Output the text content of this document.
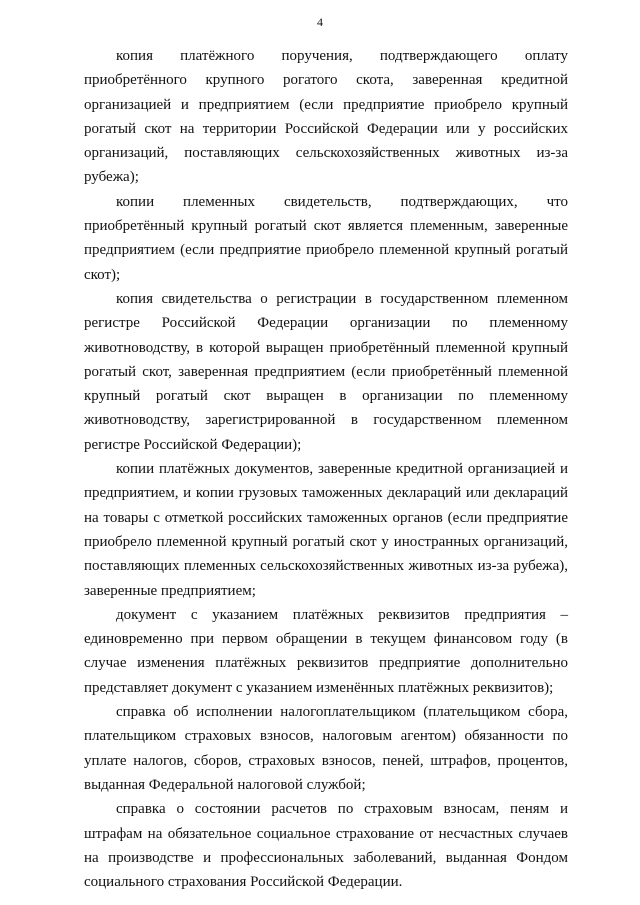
4

копия платёжного поручения, подтверждающего оплату приобретённого крупного рогатого скота, заверенная кредитной организацией и предприятием (если предприятие приобрело крупный рогатый скот на территории Российской Федерации или у российских организаций, поставляющих сельскохозяйственных животных из-за рубежа);

копии племенных свидетельств, подтверждающих, что приобретённый крупный рогатый скот является племенным, заверенные предприятием (если предприятие приобрело племенной крупный рогатый скот);

копия свидетельства о регистрации в государственном племенном регистре Российской Федерации организации по племенному животноводству, в которой выращен приобретённый племенной крупный рогатый скот, заверенная предприятием (если приобретённый племенной крупный рогатый скот выращен в организации по племенному животноводству, зарегистрированной в государственном племенном регистре Российской Федерации);

копии платёжных документов, заверенные кредитной организацией и предприятием, и копии грузовых таможенных деклараций или деклараций на товары с отметкой российских таможенных органов (если предприятие приобрело племенной крупный рогатый скот у иностранных организаций, поставляющих племенных сельскохозяйственных животных из-за рубежа), заверенные предприятием;

документ с указанием платёжных реквизитов предприятия – единовременно при первом обращении в текущем финансовом году (в случае изменения платёжных реквизитов предприятие дополнительно представляет документ с указанием изменённых платёжных реквизитов);

справка об исполнении налогоплательщиком (плательщиком сбора, плательщиком страховых взносов, налоговым агентом) обязанности по уплате налогов, сборов, страховых взносов, пеней, штрафов, процентов, выданная Федеральной налоговой службой;

справка о состоянии расчетов по страховым взносам, пеням и штрафам на обязательное социальное страхование от несчастных случаев на производстве и профессиональных заболеваний, выданная Фондом социального страхования Российской Федерации.
